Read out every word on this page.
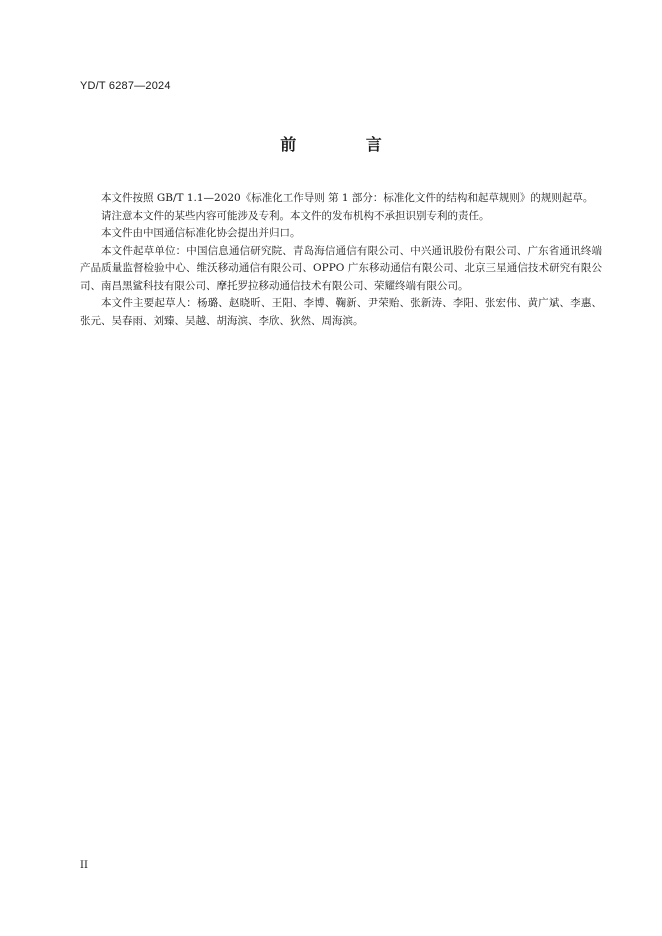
YD/T 6287—2024
前 言

本文件按照 GB/T 1.1—2020《标准化工作导则 第 1 部分：标准化文件的结构和起草规则》的规则起草。

请注意本文件的某些内容可能涉及专利。本文件的发布机构不承担识别专利的责任。

本文件由中国通信标准化协会提出并归口。

本文件起草单位：中国信息通信研究院、青岛海信通信有限公司、中兴通讯股份有限公司、广东省通讯终端产品质量监督检验中心、维沃移动通信有限公司、OPPO 广东移动通信有限公司、北京三星通信技术研究有限公司、南昌黑鲨科技有限公司、摩托罗拉移动通信技术有限公司、荣耀终端有限公司。

本文件主要起草人：杨璐、赵晓昕、王阳、李博、鞠新、尹荣贻、张新涛、李阳、张宏伟、黄广斌、李惠、张元、吴春雨、刘臻、吴越、胡海滨、李欣、狄然、周海滨。

II
